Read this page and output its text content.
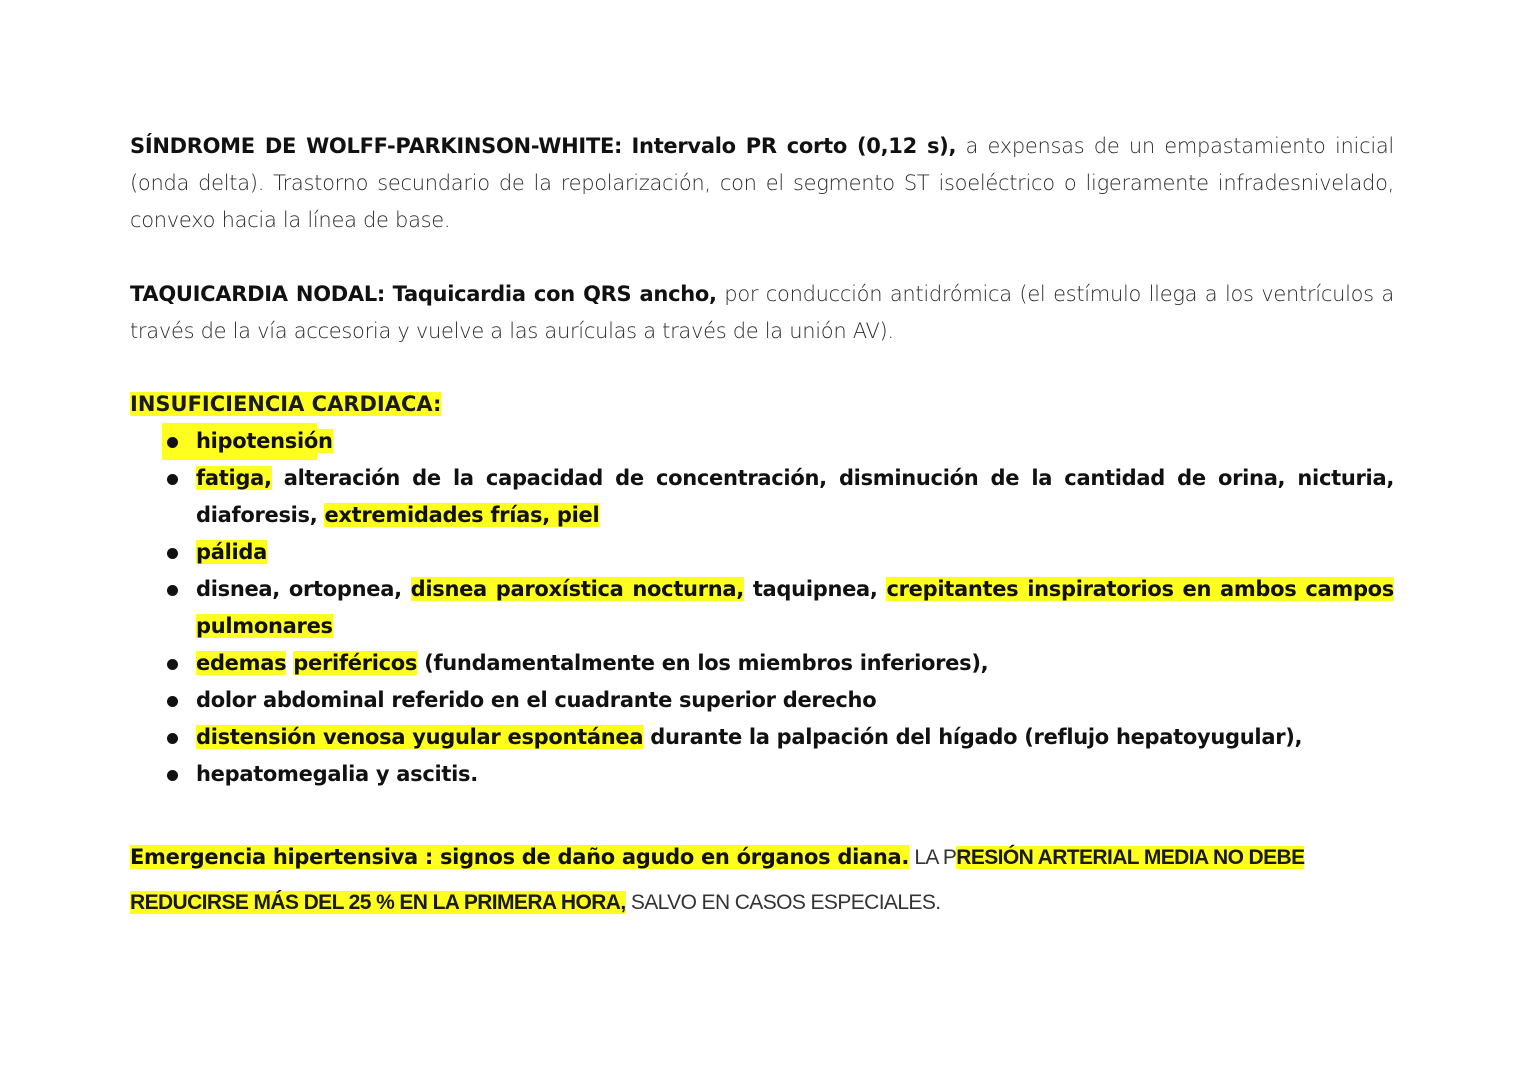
SÍNDROME DE WOLFF-PARKINSON-WHITE: Intervalo PR corto (0,12 s), a expensas de un empastamiento inicial (onda delta). Trastorno secundario de la repolarización, con el segmento ST isoeléctrico o ligeramente infradesnivelado, convexo hacia la línea de base.

TAQUICARDIA NODAL: Taquicardia con QRS ancho, por conducción antidrómica (el estímulo llega a los ventrículos a través de la vía accesoria y vuelve a las aurículas a través de la unión AV).

INSUFICIENCIA CARDIACA:

hipotensión
fatiga, alteración de la capacidad de concentración, disminución de la cantidad de orina, nicturia, diaforesis, extremidades frías, piel
pálida
disnea, ortopnea, disnea paroxística nocturna, taquipnea, crepitantes inspiratorios en ambos campos pulmonares
edemas periféricos (fundamentalmente en los miembros inferiores),
dolor abdominal referido en el cuadrante superior derecho
distensión venosa yugular espontánea durante la palpación del hígado (reflujo hepatoyugular),
hepatomegalia y ascitis.

Emergencia hipertensiva : signos de daño agudo en órganos diana. LA PRESIÓN ARTERIAL MEDIA NO DEBE REDUCIRSE MÁS DEL 25 % EN LA PRIMERA HORA, SALVO EN CASOS ESPECIALES.
